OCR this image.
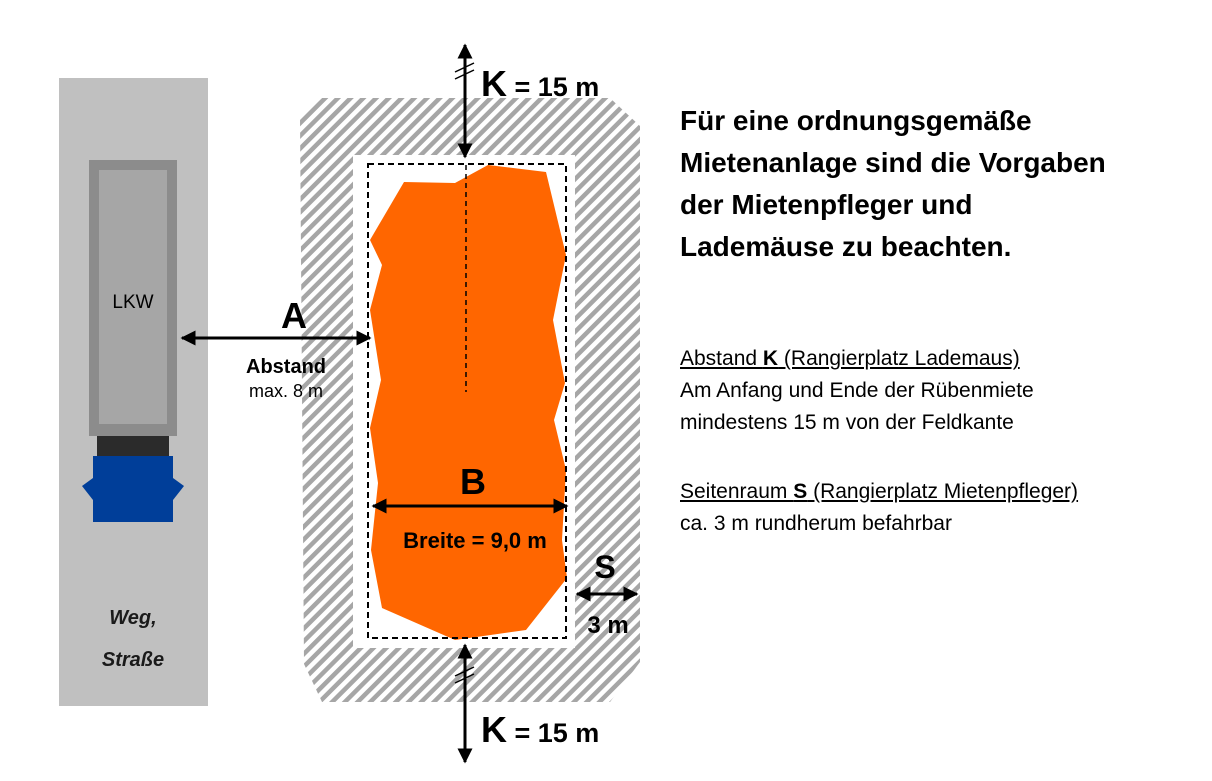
LKW
Weg,
Straße
K = 15 m
K = 15 m
A
Abstand
max. 8 m
B
Breite = 9,0 m
S
3 m
Für eine ordnungsgemäße
Mietenanlage sind die Vorgaben
der Mietenpfleger und
Lademäuse zu beachten.

Abstand K (Rangierplatz Lademaus)
Am Anfang und Ende der Rübenmiete
mindestens 15 m von der Feldkante

Seitenraum S (Rangierplatz Mietenpfleger)
ca. 3 m rundherum befahrbar
